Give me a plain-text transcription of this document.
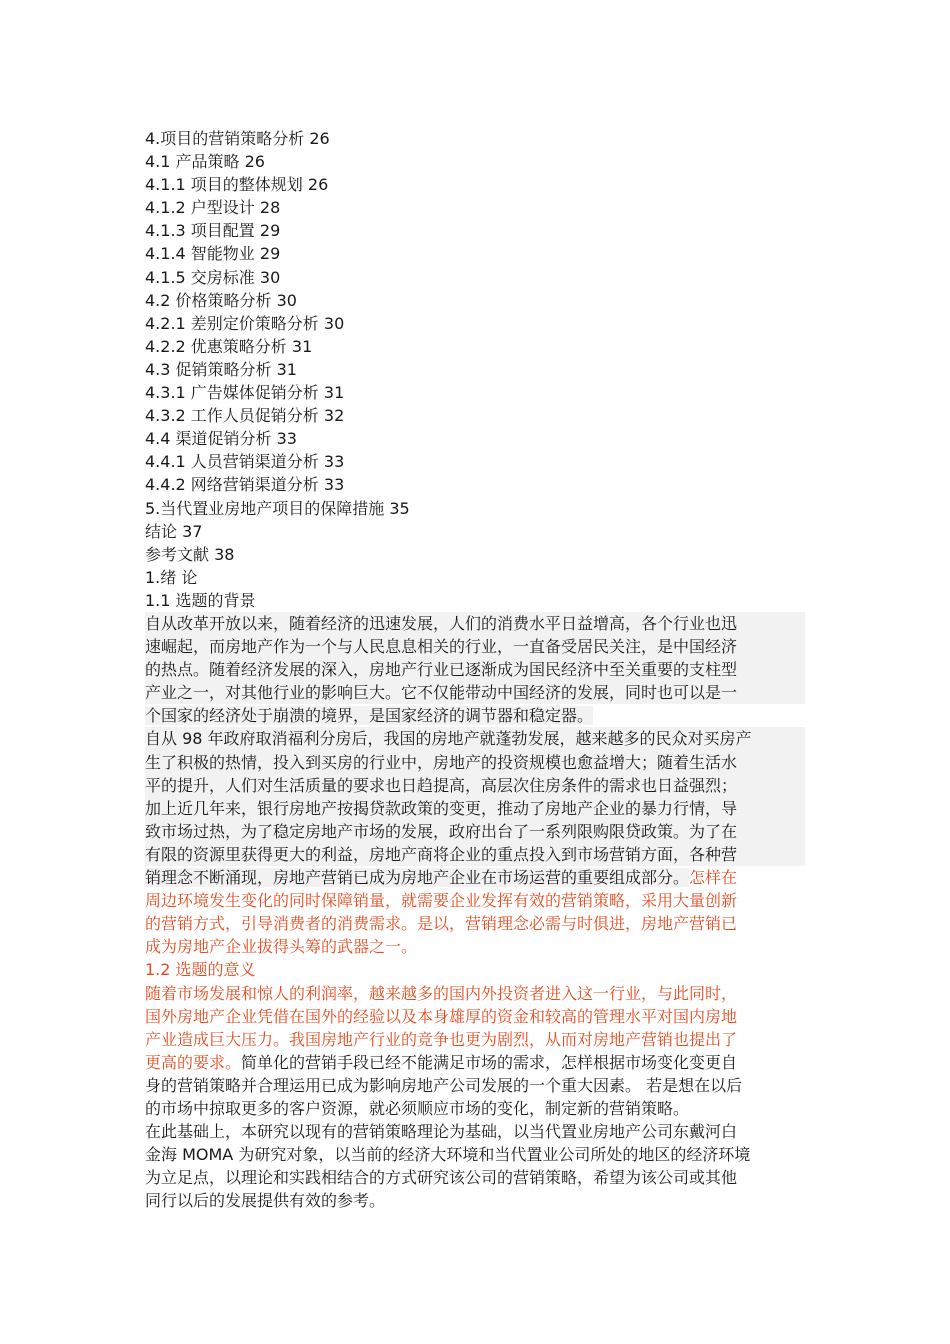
4.项目的营销策略分析 26
4.1 产品策略 26
4.1.1 项目的整体规划 26
4.1.2 户型设计 28
4.1.3 项目配置 29
4.1.4 智能物业 29
4.1.5 交房标准 30
4.2 价格策略分析 30
4.2.1 差别定价策略分析 30
4.2.2 优惠策略分析 31
4.3 促销策略分析 31
4.3.1 广告媒体促销分析 31
4.3.2 工作人员促销分析 32
4.4 渠道促销分析 33
4.4.1 人员营销渠道分析 33
4.4.2 网络营销渠道分析 33
5.当代置业房地产项目的保障措施 35
结论 37
参考文献 38
1.绪 论
1.1 选题的背景
自从改革开放以来，随着经济的迅速发展，人们的消费水平日益增高，各个行业也迅
速崛起，而房地产作为一个与人民息息相关的行业，一直备受居民关注，是中国经济
的热点。随着经济发展的深入，房地产行业已逐渐成为国民经济中至关重要的支柱型
产业之一，对其他行业的影响巨大。它不仅能带动中国经济的发展，同时也可以是一
个国家的经济处于崩溃的境界，是国家经济的调节器和稳定器。
自从 98 年政府取消福利分房后，我国的房地产就蓬勃发展，越来越多的民众对买房产
生了积极的热情，投入到买房的行业中，房地产的投资规模也愈益增大；随着生活水
平的提升，人们对生活质量的要求也日趋提高，高层次住房条件的需求也日益强烈；
加上近几年来，银行房地产按揭贷款政策的变更，推动了房地产企业的暴力行情，导
致市场过热，为了稳定房地产市场的发展，政府出台了一系列限购限贷政策。为了在
有限的资源里获得更大的利益，房地产商将企业的重点投入到市场营销方面，各种营
销理念不断涌现，房地产营销已成为房地产企业在市场运营的重要组成部分。怎样在
周边环境发生变化的同时保障销量，就需要企业发挥有效的营销策略，采用大量创新
的营销方式，引导消费者的消费需求。是以，营销理念必需与时俱进，房地产营销已
成为房地产企业拔得头筹的武器之一。
1.2 选题的意义
随着市场发展和惊人的利润率，越来越多的国内外投资者进入这一行业，与此同时，
国外房地产企业凭借在国外的经验以及本身雄厚的资金和较高的管理水平对国内房地
产业造成巨大压力。我国房地产行业的竞争也更为剧烈，从而对房地产营销也提出了
更高的要求。简单化的营销手段已经不能满足市场的需求，怎样根据市场变化变更自
身的营销策略并合理运用已成为影响房地产公司发展的一个重大因素。 若是想在以后
的市场中掠取更多的客户资源，就必须顺应市场的变化，制定新的营销策略。
在此基础上，本研究以现有的营销策略理论为基础，以当代置业房地产公司东戴河白
金海 MOMA 为研究对象，以当前的经济大环境和当代置业公司所处的地区的经济环境
为立足点，以理论和实践相结合的方式研究该公司的营销策略，希望为该公司或其他
同行以后的发展提供有效的参考。
